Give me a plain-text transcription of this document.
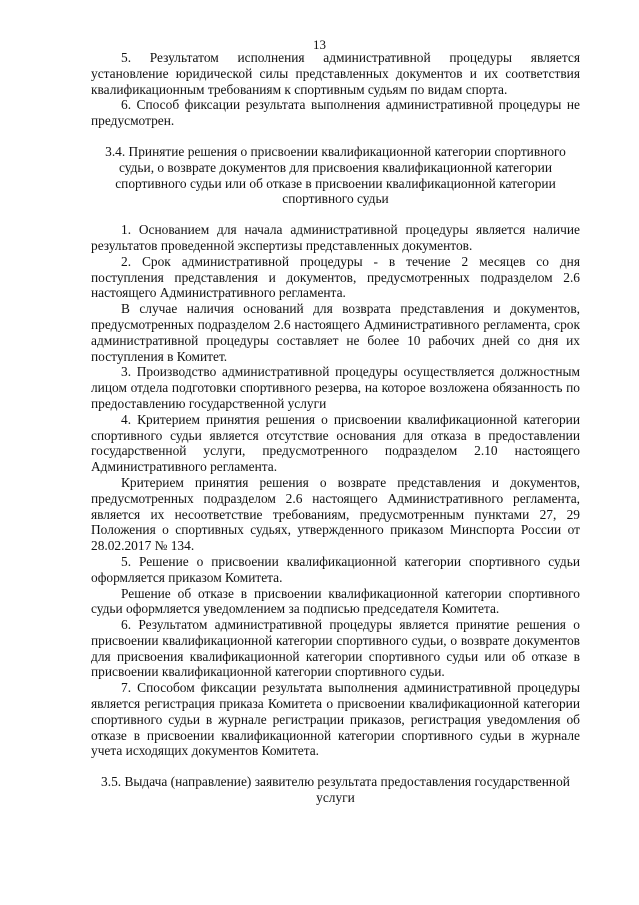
13

5. Результатом исполнения административной процедуры является установление юридической силы представленных документов и их соответствия квалификационным требованиям к спортивным судьям по видам спорта.

6. Способ фиксации результата выполнения административной процедуры не предусмотрен.

3.4. Принятие решения о присвоении квалификационной категории спортивного судьи, о возврате документов для присвоения квалификационной категории спортивного судьи или об отказе в присвоении квалификационной категории спортивного судьи

1. Основанием для начала административной процедуры является наличие результатов проведенной экспертизы представленных документов.

2. Срок административной процедуры - в течение 2 месяцев со дня поступления представления и документов, предусмотренных подразделом 2.6 настоящего Административного регламента.

В случае наличия оснований для возврата представления и документов, предусмотренных подразделом 2.6 настоящего Административного регламента, срок административной процедуры составляет не более 10 рабочих дней со дня их поступления в Комитет.

3. Производство административной процедуры осуществляется должностным лицом отдела подготовки спортивного резерва, на которое возложена обязанность по предоставлению государственной услуги

4. Критерием принятия решения о присвоении квалификационной категории спортивного судьи является отсутствие основания для отказа в предоставлении государственной услуги, предусмотренного подразделом 2.10 настоящего Административного регламента.

Критерием принятия решения о возврате представления и документов, предусмотренных подразделом 2.6 настоящего Административного регламента, является их несоответствие требованиям, предусмотренным пунктами 27, 29 Положения о спортивных судьях, утвержденного приказом Минспорта России от 28.02.2017 № 134.

5. Решение о присвоении квалификационной категории спортивного судьи оформляется приказом Комитета.

Решение об отказе в присвоении квалификационной категории спортивного судьи оформляется уведомлением за подписью председателя Комитета.

6. Результатом административной процедуры является принятие решения о присвоении квалификационной категории спортивного судьи, о возврате документов для присвоения квалификационной категории спортивного судьи или об отказе в присвоении квалификационной категории спортивного судьи.

7. Способом фиксации результата выполнения административной процедуры является регистрация приказа Комитета о присвоении квалификационной категории спортивного судьи в журнале регистрации приказов, регистрация уведомления об отказе в присвоении квалификационной категории спортивного судьи в журнале учета исходящих документов Комитета.

3.5. Выдача (направление) заявителю результата предоставления государственной услуги
